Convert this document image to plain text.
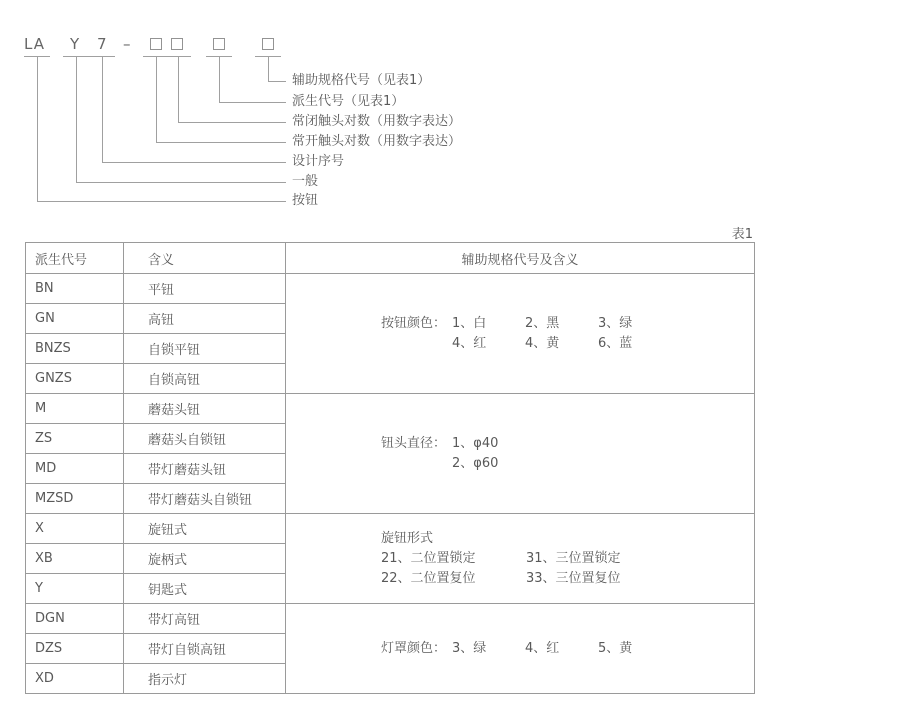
LA Y 7 –
辅助规格代号（见表1）
派生代号（见表1）
常闭触头对数（用数字表达）
常开触头对数（用数字表达）
设计序号
一般
按钮
表1
派生代号	含义	辅助规格代号及含义
BN	平钮	按钮颜色： 1、白 2、黑 3、绿
4、红 4、黄 6、蓝

GN	高钮	
BNZS	自锁平钮	
GNZS	自锁高钮	
M	蘑菇头钮	钮头直径： 1、φ40
2、φ60

ZS	蘑菇头自锁钮	
MD	带灯蘑菇头钮	
MZSD	带灯蘑菇头自锁钮	
X	旋钮式	旋钮形式
21、二位置锁定 31、三位置锁定
22、二位置复位 33、三位置复位

XB	旋柄式	
Y	钥匙式	
DGN	带灯高钮	灯罩颜色： 3、绿 4、红 5、黄

DZS	带灯自锁高钮	
XD	指示灯	
